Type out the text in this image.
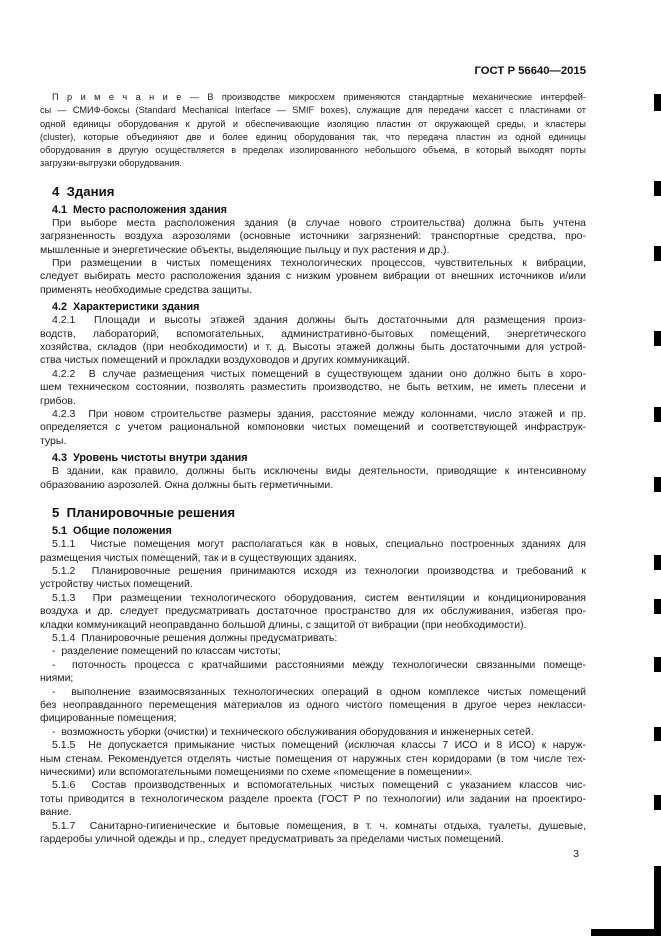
ГОСТ Р 56640—2015
П р и м е ч а н и е — В производстве микросхем применяются стандартные механические интерфей-
сы — СМИФ-боксы (Standard Mechanical Interface — SMIF boxes), служащие для передачи кассет с пластинами от
одной единицы оборудования к другой и обеспечивающие изоляцию пластин от окружающей среды, и кластеры
(cluster), которые объединяют две и более единиц оборудования так, что передача пластин из одной единицы
оборудования в другую осуществляется в пределах изолированного небольшого объема, в который выходят порты
загрузки-выгрузки оборудования.
4  Здания
4.1  Место расположения здания
При выборе места расположения здания (в случае нового строительства) должна быть учтена
загрязненность воздуха аэрозолями (основные источники загрязнений: транспортные средства, про-
мышленные и энергетические объекты, выделяющие пыльцу и пух растения и др.).
При размещении в чистых помещениях технологических процессов, чувствительных к вибрации,
следует выбирать место расположения здания с низким уровнем вибрации от внешних источников и/или
применять необходимые средства защиты.
4.2  Характеристики здания
4.2.1  Площади и высоты этажей здания должны быть достаточными для размещения произ-
водств, лабораторий, вспомогательных, административно-бытовых помещений, энергетического
хозяйства, складов (при необходимости) и т. д. Высоты этажей должны быть достаточными для устрой-
ства чистых помещений и прокладки воздуховодов и других коммуникаций.
4.2.2  В случае размещения чистых помещений в существующем здании оно должно быть в хоро-
шем техническом состоянии, позволять разместить производство, не быть ветхим, не иметь плесени и
грибов.
4.2.3  При новом строительстве размеры здания, расстояние между колоннами, число этажей и пр.
определяется с учетом рациональной компоновки чистых помещений и соответствующей инфраструк-
туры.
4.3  Уровень чистоты внутри здания
В здании, как правило, должны быть исключены виды деятельности, приводящие к интенсивному
образованию аэрозолей. Окна должны быть герметичными.
5  Планировочные решения
5.1  Общие положения
5.1.1  Чистые помещения могут располагаться как в новых, специально построенных зданиях для
размещения чистых помещений, так и в существующих зданиях.
5.1.2  Планировочные решения принимаются исходя из технологии производства и требований к
устройству чистых помещений.
5.1.3  При размещении технологического оборудования, систем вентиляции и кондиционирования
воздуха и др. следует предусматривать достаточное пространство для их обслуживания, избегая про-
кладки коммуникаций неоправданно большой длины, с защитой от вибрации (при необходимости).
5.1.4  Планировочные решения должны предусматривать:
-  разделение помещений по классам чистоты;
-  поточность процесса с кратчайшими расстояниями между технологически связанными помеще-
ниями;
-  выполнение взаимосвязанных технологических операций в одном комплексе чистых помещений
без неоправданного перемещения материалов из одного чистого помещения в другое через некласси-
фицированные помещения;
-  возможность уборки (очистки) и технического обслуживания оборудования и инженерных сетей.
5.1.5  Не допускается примыкание чистых помещений (исключая классы 7 ИСО и 8 ИСО) к наруж-
ным стенам. Рекомендуется отделять чистые помещения от наружных стен коридорами (в том числе тех-
ническими) или вспомогательными помещениями по схеме «помещение в помещении».
5.1.6  Состав производственных и вспомогательных чистых помещений с указанием классов чис-
тоты приводится в технологическом разделе проекта (ГОСТ Р по технологии) или задании на проектиро-
вание.
5.1.7  Санитарно-гигиенические и бытовые помещения, в т. ч. комнаты отдыха, туалеты, душевые,
гардеробы уличной одежды и пр., следует предусматривать за пределами чистых помещений.
3
